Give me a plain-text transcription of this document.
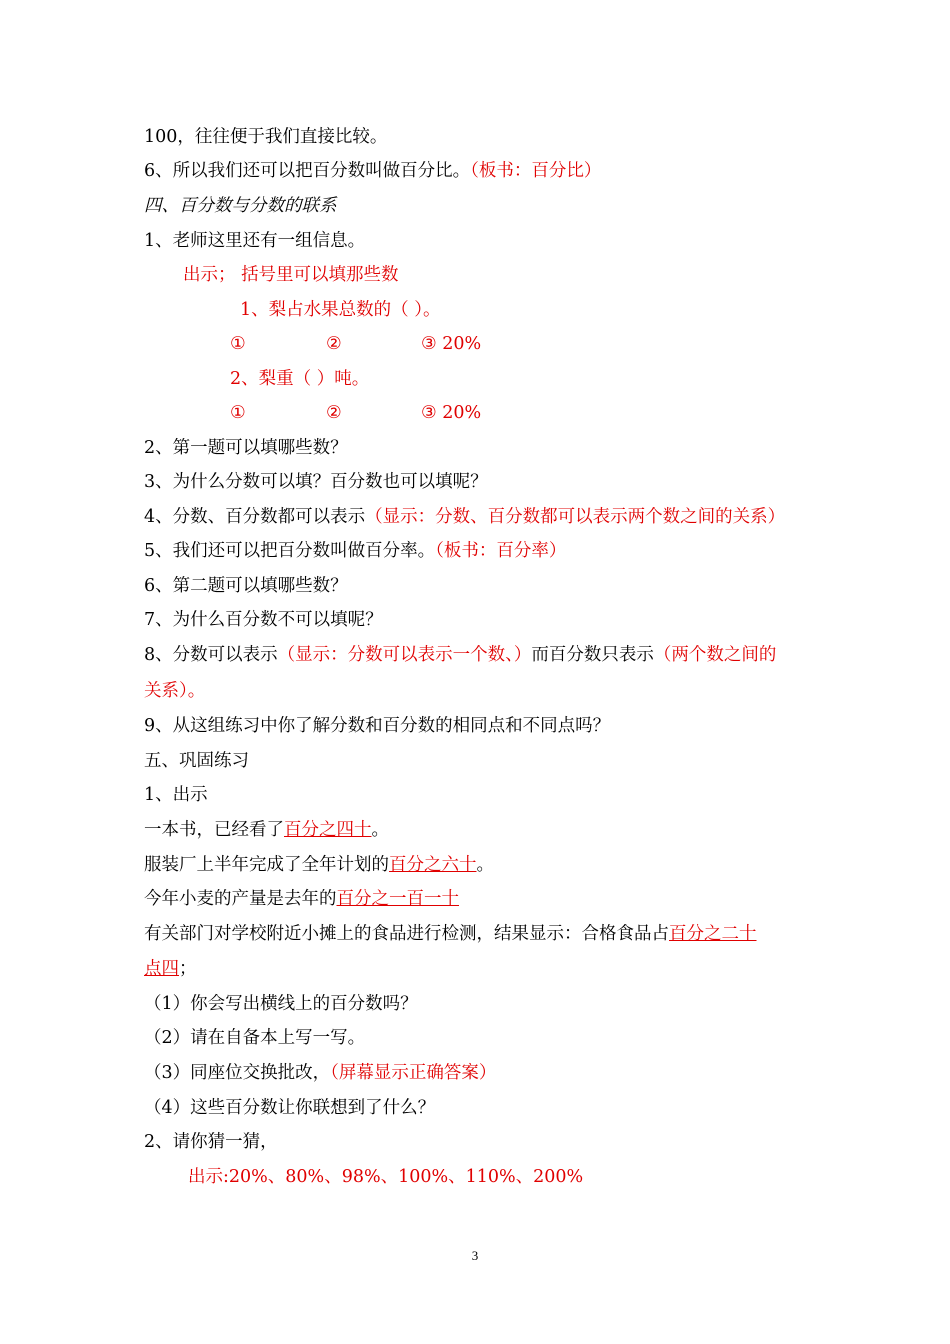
100，往往便于我们直接比较。
6、所以我们还可以把百分数叫做百分比。（板书：百分比）
四、百分数与分数的联系
1、老师这里还有一组信息。
出示； 括号里可以填那些数
1、梨占水果总数的（ ）。
①	②	③ 20%
2、梨重（ ）吨。
①	②	③ 20%
2、第一题可以填哪些数？
3、为什么分数可以填？百分数也可以填呢？
4、分数、百分数都可以表示（显示：分数、百分数都可以表示两个数之间的关系）
5、我们还可以把百分数叫做百分率。（板书：百分率）
6、第二题可以填哪些数？
7、为什么百分数不可以填呢？
8、分数可以表示（显示：分数可以表示一个数、）而百分数只表示（两个数之间的
关系）。
9、从这组练习中你了解分数和百分数的相同点和不同点吗？
五、巩固练习
1、出示
一本书，已经看了百分之四十。
服装厂上半年完成了全年计划的百分之六十。
今年小麦的产量是去年的百分之一百一十
有关部门对学校附近小摊上的食品进行检测，结果显示：合格食品占百分之二十
点四；
（1）你会写出横线上的百分数吗？
（2）请在自备本上写一写。
（3）同座位交换批改，（屏幕显示正确答案）
（4）这些百分数让你联想到了什么？
2、请你猜一猜，
出示:20%、80%、98%、100%、110%、200%
3
